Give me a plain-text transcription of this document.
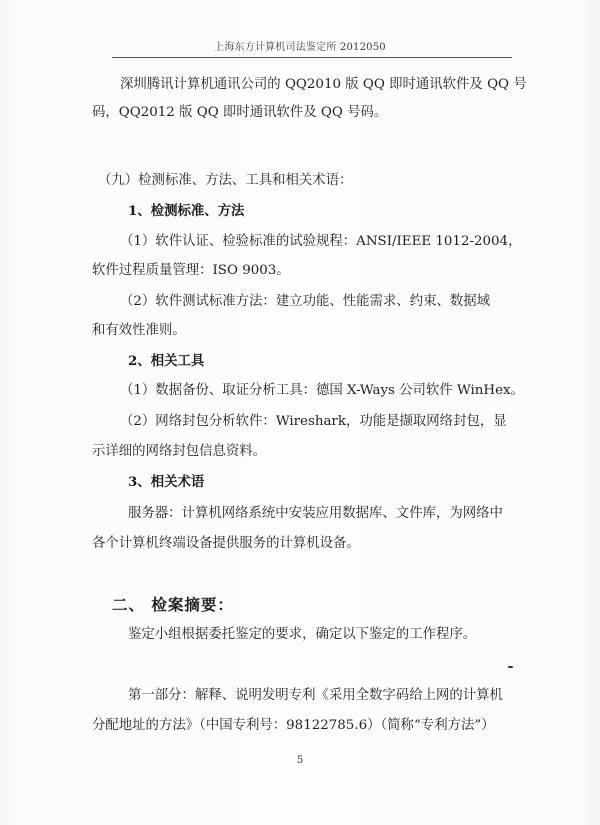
上海东方计算机司法鉴定所 2012050
深圳腾讯计算机通讯公司的 QQ2010 版 QQ 即时通讯软件及 QQ 号
码，QQ2012 版 QQ 即时通讯软件及 QQ 号码。
（九）检测标准、方法、工具和相关术语：
1、检测标准、方法
（1）软件认证、检验标准的试验规程：ANSI/IEEE 1012-2004，
软件过程质量管理：ISO 9003。
（2）软件测试标准方法：建立功能、性能需求、约束、数据域
和有效性准则。
2、相关工具
（1）数据备份、取证分析工具：德国 X-Ways 公司软件 WinHex。
（2）网络封包分析软件：Wireshark，功能是撷取网络封包，显
示详细的网络封包信息资料。
3、相关术语
服务器：计算机网络系统中安装应用数据库、文件库，为网络中
各个计算机终端设备提供服务的计算机设备。
二、 检案摘要：
鉴定小组根据委托鉴定的要求，确定以下鉴定的工作程序。
第一部分：解释、说明发明专利《采用全数字码给上网的计算机
分配地址的方法》（中国专利号：98122785.6）（简称“专利方法”）
5
